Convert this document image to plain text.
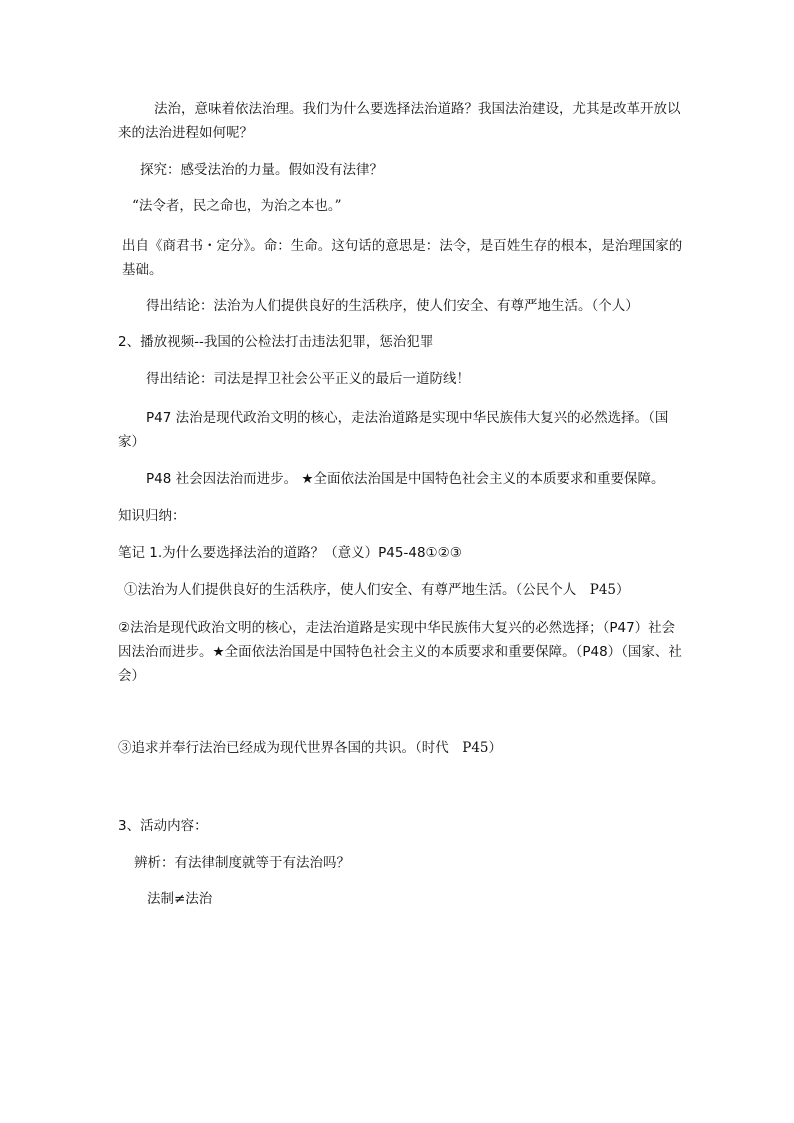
法治，意味着依法治理。我们为什么要选择法治道路？我国法治建设，尤其是改革开放以来的法治进程如何呢？
探究：感受法治的力量。假如没有法律？
“法令者，民之命也，为治之本也。”
出自《商君书・定分》。命：生命。这句话的意思是：法令，是百姓生存的根本，是治理国家的基础。
得出结论：法治为人们提供良好的生活秩序，使人们安全、有尊严地生活。（个人）
2、播放视频--我国的公检法打击违法犯罪，惩治犯罪
得出结论：司法是捍卫社会公平正义的最后一道防线！
P47 法治是现代政治文明的核心，走法治道路是实现中华民族伟大复兴的必然选择。（国家）
P48 社会因法治而进步。 ★全面依法治国是中国特色社会主义的本质要求和重要保障。
知识归纳：
笔记 1.为什么要选择法治的道路？（意义）P45-48①②③
①法治为人们提供良好的生活秩序，使人们安全、有尊严地生活。（公民个人　P45）
②法治是现代政治文明的核心，走法治道路是实现中华民族伟大复兴的必然选择；（P47）社会因法治而进步。★全面依法治国是中国特色社会主义的本质要求和重要保障。（P48）（国家、社会）
③追求并奉行法治已经成为现代世界各国的共识。（时代　P45）
3、活动内容：
辨析：有法律制度就等于有法治吗？
法制≠法治
